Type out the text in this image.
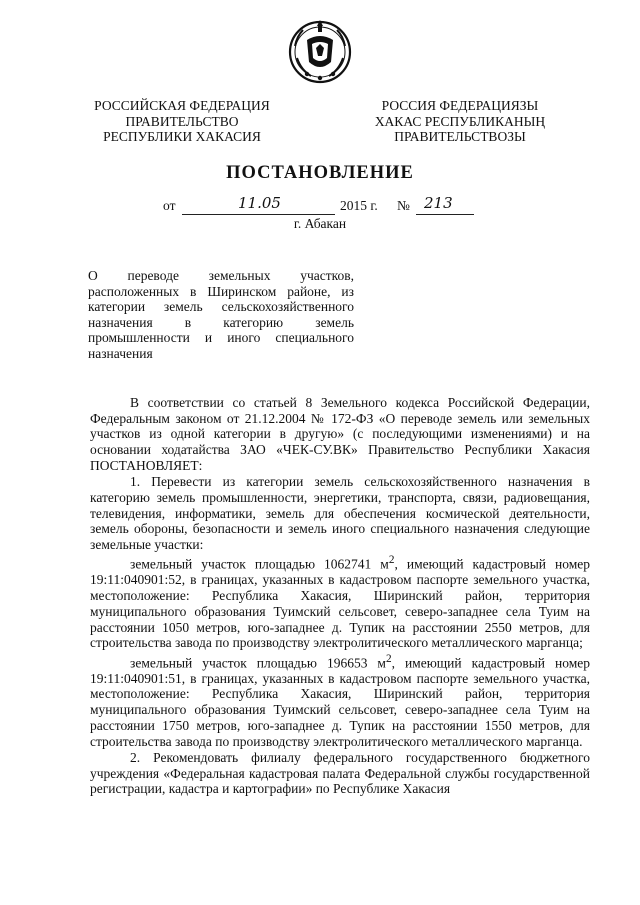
РОССИЙСКАЯ ФЕДЕРАЦИЯ
ПРАВИТЕЛЬСТВО
РЕСПУБЛИКИ ХАКАСИЯ
РОССИЯ ФЕДЕРАЦИЯЗЫ
ХАКАС РЕСПУБЛИКАНЫҢ
ПРАВИТЕЛЬСТВОЗЫ
ПОСТАНОВЛЕНИЕ
от	11.05	2015 г. № 213
г. Абакан
О переводе земельных участков, расположенных в Ширинском районе, из категории земель сельскохозяйственного назначения в категорию земель промышленности и иного специального назначения

В соответствии со статьей 8 Земельного кодекса Российской Федерации, Федеральным законом от 21.12.2004 № 172-ФЗ «О переводе земель или земельных участков из одной категории в другую» (с последующими изменениями) и на основании ходатайства ЗАО «ЧЕК-СУ.ВК» Правительство Республики Хакасия ПОСТАНОВЛЯЕТ:

1. Перевести из категории земель сельскохозяйственного назначения в категорию земель промышленности, энергетики, транспорта, связи, радиовещания, телевидения, информатики, земель для обеспечения космической деятельности, земель обороны, безопасности и земель иного специального назначения следующие земельные участки:

земельный участок площадью 1062741 $м^2$, имеющий кадастровый номер 19:11:040901:52, в границах, указанных в кадастровом паспорте земельного участка, местоположение: Республика Хакасия, Ширинский район, территория муниципального образования Туимский сельсовет, северо-западнее села Туим на расстоянии 1050 метров, юго-западнее д. Тупик на расстоянии 2550 метров, для строительства завода по производству электролитического металлического марганца;

земельный участок площадью 196653 $м^2$, имеющий кадастровый номер 19:11:040901:51, в границах, указанных в кадастровом паспорте земельного участка, местоположение: Республика Хакасия, Ширинский район, территория муниципального образования Туимский сельсовет, северо-западнее села Туим на расстоянии 1750 метров, юго-западнее д. Тупик на расстоянии 1550 метров, для строительства завода по производству электролитического металлического марганца.

2. Рекомендовать филиалу федерального государственного бюджетного учреждения «Федеральная кадастровая палата Федеральной службы государственной регистрации, кадастра и картографии» по Республике Хакасия
